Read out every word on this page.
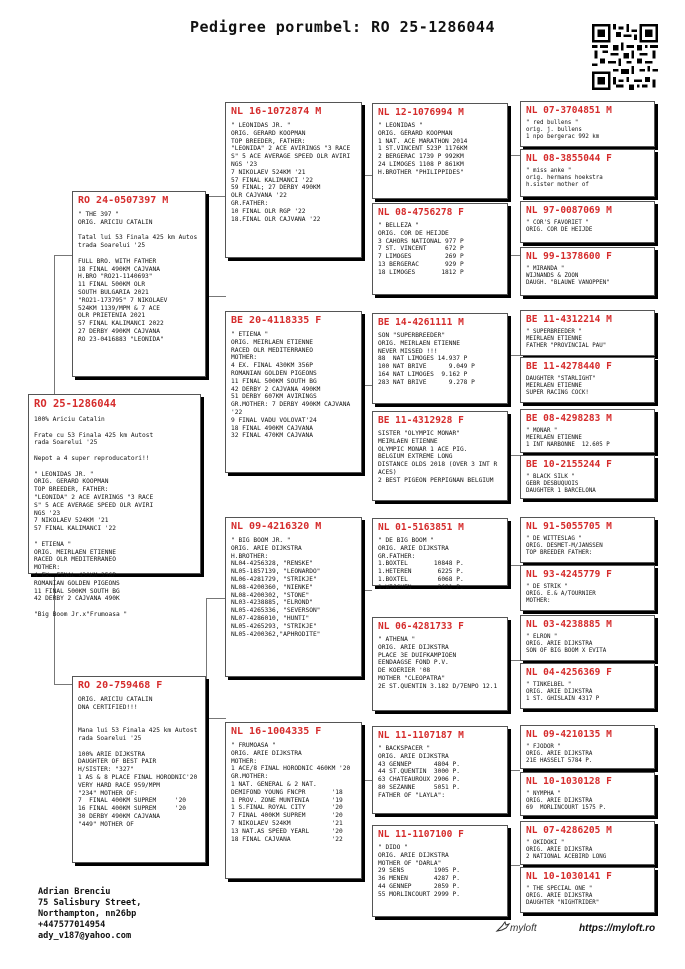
Pedigree porumbel: RO 25-1286044
RO 25-1286044
100% Ariciu Catalin

Frate cu 53 Finala 425 km Autost
rada Soarelui '25

Nepot a 4 super reproducatori!!

" LEONIDAS JR. "
ORIG. GERARD KOOPMAN
TOP BREEDER, FATHER:
"LEONIDA" 2 ACE AVIRINGS "3 RACE
S" 5 ACE AVERAGE SPEED OLR AVIRI
NGS '23
7 NIKOLAEV 524KM '21
57 FINAL KALIMANCI '22

" ETIENA "
ORIG. MEIRLAEN ETIENNE
RACED OLR MEDITERRANEO
MOTHER:
4 EX. FINAL 430KM 356P
ROMANIAN GOLDEN PIGEONS
11 FINAL 500KM SOUTH BG
42 DERBY 2 CAJVANA 490K

"Big Boom Jr.x"Frumoasa "
RO 24-0507397 M
" THE 397 "
ORIG. ARICIU CATALIN

Tatal lui 53 Finala 425 km Autos
trada Soarelui '25

FULL BRO. WITH FATHER
18 FINAL 490KM CAJVANA
H.BRO "RO21-1140693"
11 FINAL 500KM OLR
SOUTH BULGARIA 2021
"RO21-173795" 7 NIKOLAEV
524KM 1139/MPM & 7 ACE
OLR PRIETENIA 2021
57 FINAL KALIMANCI 2022
27 DERBY 490KM CAJVANA
RO 23-0416883 "LEONIDA"
RO 20-759468 F
ORIG. ARICIU CATALIN
DNA CERTIFIED!!!

Mana lui 53 Finala 425 km Autost
rada Soarelui '25

100% ARIE DIJKSTRA
DAUGHTER OF BEST PAIR
H/SISTER: "327"
1 AS & 8 PLACE FINAL HORODNIC'20
VERY HARD RACE 959/MPM
"234" MOTHER OF:
7  FINAL 400KM SUPREM     '20
16 FINAL 400KM SUPREM     '20
30 DERBY 490KM CAJVANA
"449" MOTHER OF
NL 16-1072874 M
" LEONIDAS JR. "
ORIG. GERARD KOOPMAN
TOP BREEDER, FATHER:
"LEONIDA" 2 ACE AVIRINGS "3 RACE
S" 5 ACE AVERAGE SPEED OLR AVIRI
NGS '23
7 NIKOLAEV 524KM '21
57 FINAL KALIMANCI '22
59 FINAL; 27 DERBY 490KM
OLR CAJVANA '22
GR.FATHER:
10 FINAL OLR RGP '22
18.FINAL OLR CAJVANA '22
BE 20-4118335 F
" ETIENA "
ORIG. MEIRLAEN ETIENNE
RACED OLR MEDITERRANEO
MOTHER:
4 EX. FINAL 430KM 356P
ROMANIAN GOLDEN PIGEONS
11 FINAL 500KM SOUTH BG
42 DERBY 2 CAJVANA 490KM
51 DERBY 607KM AVIRINGS
GR.MOTHER: 7 DERBY 490KM CAJVANA
'22
9 FINAL VADU VOLOVAT'24
18 FINAL 490KM CAJVANA
32 FINAL 470KM CAJVANA
NL 09-4216320 M
" BIG BOOM JR. "
ORIG. ARIE DIJKSTRA
H.BROTHER:
NL04-4256328, "RENSKE"
NL05-1857139, "LEONARDO"
NL06-4281729, "STRIKJE"
NL08-4200360, "NIENKE"
NL08-4200302, "STONE"
NL03-4238885, "ELROND"
NL05-4265336, "SEVERSON"
NL07-4286010, "HUNTI"
NL05-4265293, "STRIKJE"
NL05-4200362,"APHRODITE"
NL 16-1004335 F
" FRUMOASA "
ORIG. ARIE DIJKSTRA
MOTHER:
1 ACE/8 FINAL HORODNIC 460KM '20
GR.MOTHER:
1 NAT. GENERAL & 2 NAT.
DEMIFOND YOUNG FNCPR       '18
1 PROV. ZONE MUNTENIA      '19
1 S.FINAL ROYAL CITY       '20
7 FINAL 400KM SUPREM       '20
7 NIKOLAEV 524KM           '21
13 NAT.AS SPEED YEARL      '20
18 FINAL CAJVANA           '22
NL 12-1076994 M
" LEONIDAS "
ORIG. GERARD KOOPMAN
1 NAT. ACE MARATHON 2014
1 ST.VINCENT 523P 1176KM
2 BERGERAC 1739 P 992KM
24 LIMOGES 1108 P 861KM
H.BROTHER "PHILIPPIDES"
NL 08-4756278 F
" BELLEZA "
ORIG. COR DE HEIJDE
3 CAHORS NATIONAL 977 P
7 ST. VINCENT     672 P
7 LIMOGES         269 P
13 BERGERAC       929 P
18 LIMOGES       1812 P
BE 14-4261111 M
SON "SUPERBREEDER"
ORIG. MEIRLAEN ETIENNE
NEVER MISSED !!!
88  NAT LIMOGES 14.937 P
100 NAT BRIVE      9.049 P
164 NAT LIMOGES  9.162 P
283 NAT BRIVE      9.278 P
BE 11-4312928 F
SISTER "OLYMPIC MONAR"
MEIRLAEN ETIENNE
OLYMPIC MONAR 1 ACE PIG.
BELGIUM EXTREME LONG
DISTANCE OLDS 2018 (OVER 3 INT R
ACES)
2 BEST PIGEON PERPIGNAN BELGIUM
NL 01-5163851 M
" DE BIG BOOM "
ORIG. ARIE DIJKSTRA
GR.FATHER:
1.BOXTEL       10848 P.
1.HETEREN       6225 P.
1.BOXTEL        6068 P.
1.WIJCHEN       2681 P.
NL 06-4281733 F
" ATHENA "
ORIG. ARIE DIJKSTRA
PLACE 3E DUIFKAMPIOEN
EENDAAGSE FOND P.V.
DE KOERIER '08
MOTHER "CLEOPATRA"
2E ST.QUENTIN 3.182 D/7ENPO 12.1
NL 11-1107187 M
" BACKSPACER "
ORIG. ARIE DIJKSTRA
43 GENNEP      4804 P.
44 ST.QUENTIN  3000 P.
63 CHATEAUROUX 2906 P.
80 SEZANNE     5051 P.
FATHER OF "LAYLA":
NL 11-1107100 F
" DIDO "
ORIG. ARIE DIJKSTRA
MOTHER OF "DARLA"
29 SENS        1905 P.
36 MENEN       4287 P.
44 GENNEP      2059 P.
55 MORLINCOURT 2999 P.
NL 07-3704851 M
" red bullens "
orig. j. bullens
1 npo bergerac 992 km
NL 08-3855044 F
" miss anke "
orig. hermans hoekstra
h.sister mother of
NL 97-0087069 M
" COR'S FAVORIET "
ORIG. COR DE HEIJDE
NL 99-1378600 F
" MIRANDA "
WIJNANDS & ZOON
DAUGH. "BLAUWE VANOPPEN"
BE 11-4312214 M
" SUPERBREEDER "
MEIRLAEN ETIENNE
FATHER "PROVINCIAL PAU"
BE 11-4278440 F
DAUGHTER "STARLIGHT"
MEIRLAEN ETIENNE
SUPER RACING COCK!
BE 08-4298283 M
" MONAR "
MEIRLAEN ETIENNE
1 INT NARBONNE  12.605 P
BE 10-2155244 F
" BLACK SILK "
GEBR DESBUQUOIS
DAUGHTER 1 BARCELONA
NL 91-5055705 M
" DE WITTESLAG "
ORIG. DESMET-M/JANSSEN
TOP BREEDER FATHER:
NL 93-4245779 F
" DE STRIK "
ORIG. E.& A/TOURNIER
MOTHER:
NL 03-4238885 M
" ELRON "
ORIG. ARIE DIJKSTRA
SON OF BIG BOOM X EVITA
NL 04-4256369 F
" TINKELBEL "
ORIG. ARIE DIJKSTRA
1 ST. GHISLAIN 4317 P
NL 09-4210135 M
" FJODOR "
ORIG. ARIE DIJKSTRA
21E HASSELT 5784 P.
NL 10-1030128 F
" NYMPHA "
ORIG. ARIE DIJKSTRA
69  MORLINCOURT 1575 P.
NL 07-4286205 M
" OKIDOKI "
ORIG. ARIE DIJKSTRA
2 NATIONAL ACEBIRD LONG
NL 10-1030141 F
" THE SPECIAL ONE "
ORIG. ARIE DIJKSTRA
DAUGHTER "NIGHTRIDER"
Adrian Brenciu
75 Salisbury Street,
Northampton, nn26bp
+447577014954
ady_v187@yahoo.com
myloft	https://myloft.ro
